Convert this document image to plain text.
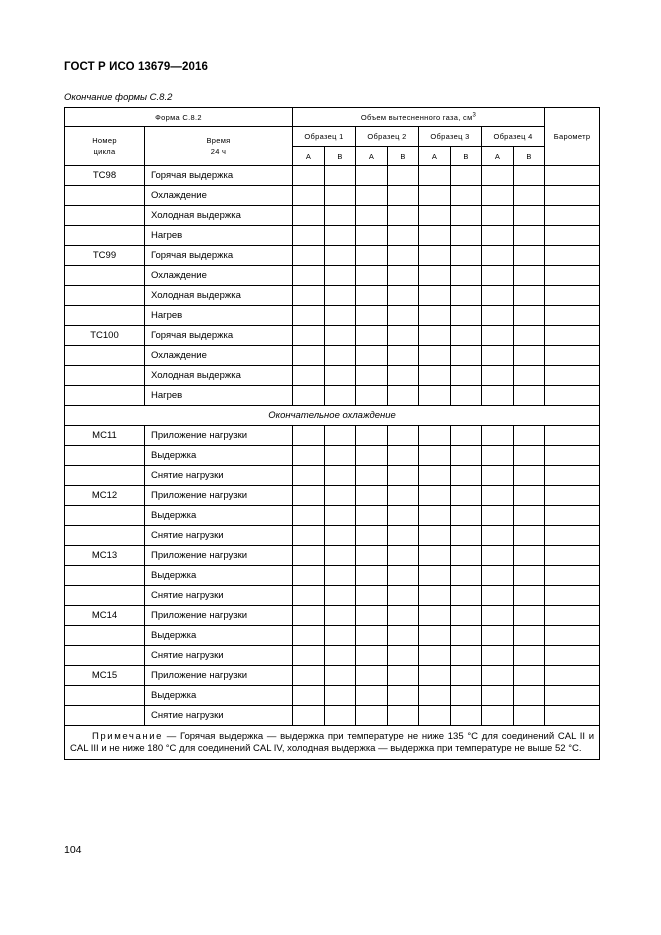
ГОСТ Р ИСО 13679—2016
Окончание формы С.8.2
Форма С.8.2		Объем вытесненного газа, $см^3$								Барометр
Номер цикла	Время 24 ч	Образец 1		Образец 2		Образец 3		Образец 4		
		A	B	A	B	A	B	A	B	
ТС98	Горячая выдержка									
	Охлаждение									
	Холодная выдержка									
	Нагрев									
ТС99	Горячая выдержка									
	Охлаждение									
	Холодная выдержка									
	Нагрев									
ТС100	Горячая выдержка									
	Охлаждение									
	Холодная выдержка									
	Нагрев									
Окончательное охлаждение										
МС11	Приложение нагрузки									
	Выдержка									
	Снятие нагрузки									
МС12	Приложение нагрузки									
	Выдержка									
	Снятие нагрузки									
МС13	Приложение нагрузки									
	Выдержка									
	Снятие нагрузки									
МС14	Приложение нагрузки									
	Выдержка									
	Снятие нагрузки									
МС15	Приложение нагрузки									
	Выдержка									
	Снятие нагрузки									
Примечание — Горячая выдержка — выдержка при температуре не ниже 135 °С для соединений CAL II и CAL III и не ниже 180 °С для соединений CAL IV, холодная выдержка — выдержка при температуре не выше 52 °С.										
104
